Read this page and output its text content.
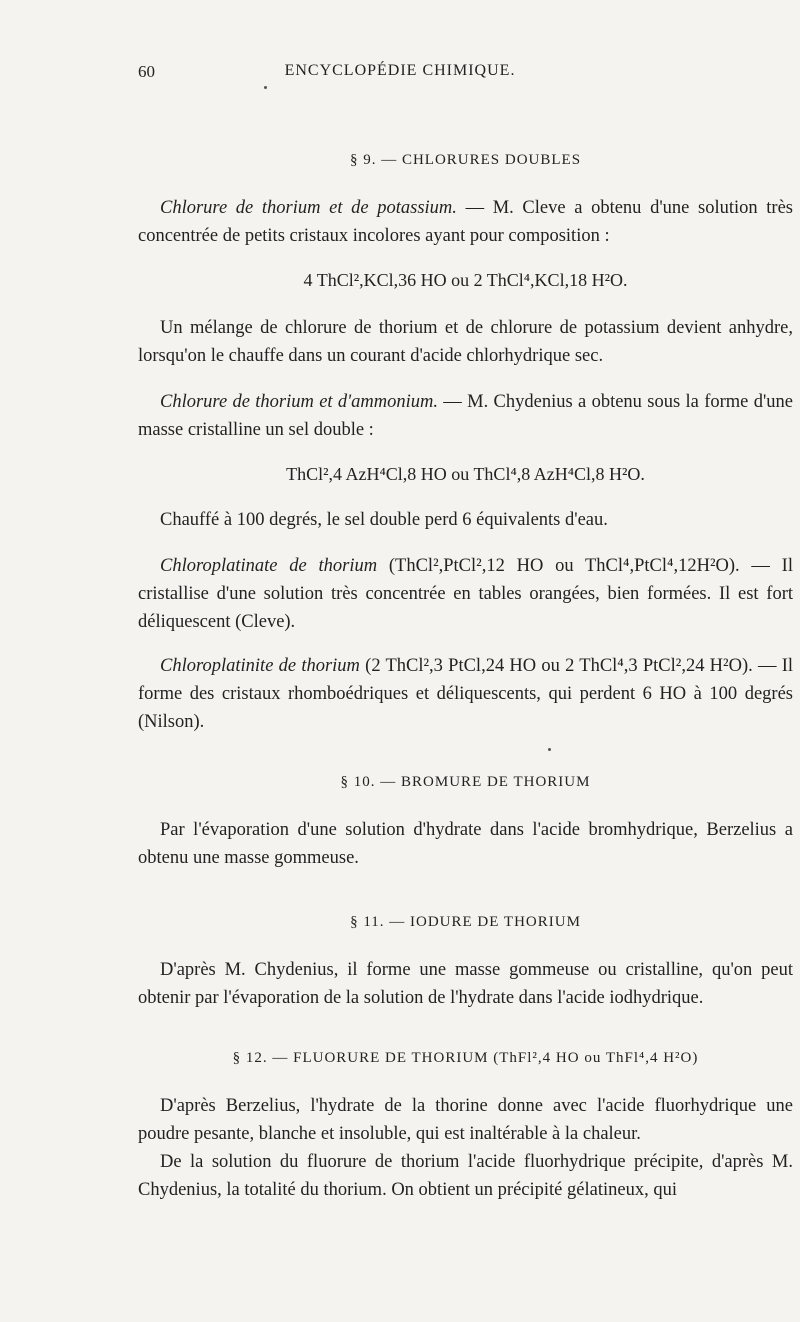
60	ENCYCLOPÉDIE CHIMIQUE.
§ 9. — CHLORURES DOUBLES
Chlorure de thorium et de potassium. — M. Cleve a obtenu d'une solution très concentrée de petits cristaux incolores ayant pour composition :
4 ThCl²,KCl,36 HO ou 2 ThCl⁴,KCl,18 H²O.
Un mélange de chlorure de thorium et de chlorure de potassium devient anhydre, lorsqu'on le chauffe dans un courant d'acide chlorhydrique sec.
Chlorure de thorium et d'ammonium. — M. Chydenius a obtenu sous la forme d'une masse cristalline un sel double :
ThCl²,4 AzH⁴Cl,8 HO ou ThCl⁴,8 AzH⁴Cl,8 H²O.
Chauffé à 100 degrés, le sel double perd 6 équivalents d'eau.
Chloroplatinate de thorium (ThCl²,PtCl²,12 HO ou ThCl⁴,PtCl⁴,12H²O). — Il cristallise d'une solution très concentrée en tables orangées, bien formées. Il est fort déliquescent (Cleve).
Chloroplatinite de thorium (2 ThCl²,3 PtCl,24 HO ou 2 ThCl⁴,3 PtCl²,24 H²O). — Il forme des cristaux rhomboédriques et déliquescents, qui perdent 6 HO à 100 degrés (Nilson).
§ 10. — BROMURE DE THORIUM
Par l'évaporation d'une solution d'hydrate dans l'acide bromhydrique, Berzelius a obtenu une masse gommeuse.
§ 11. — IODURE DE THORIUM
D'après M. Chydenius, il forme une masse gommeuse ou cristalline, qu'on peut obtenir par l'évaporation de la solution de l'hydrate dans l'acide iodhydrique.
§ 12. — FLUORURE DE THORIUM (ThFl²,4 HO ou ThFl⁴,4 H²O)
D'après Berzelius, l'hydrate de la thorine donne avec l'acide fluorhydrique une poudre pesante, blanche et insoluble, qui est inaltérable à la chaleur.
De la solution du fluorure de thorium l'acide fluorhydrique précipite, d'après M. Chydenius, la totalité du thorium. On obtient un précipité gélatineux, qui
